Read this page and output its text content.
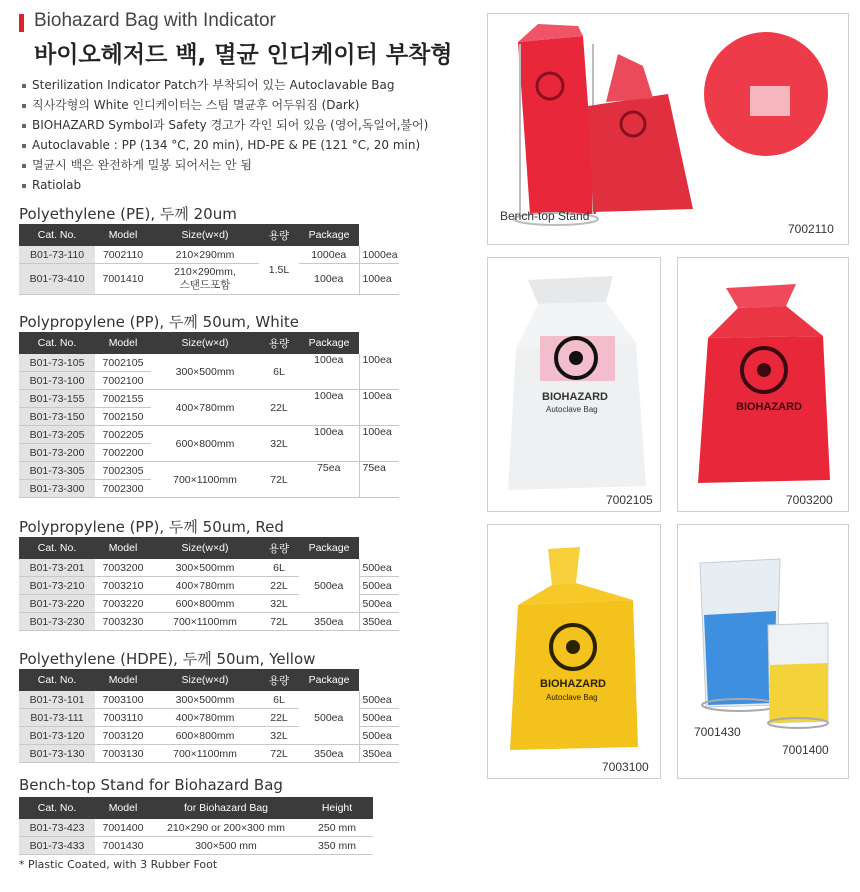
Biohazard Bag with Indicator
바이오헤저드 백, 멸균 인디케이터 부착형
Sterilization Indicator Patch가 부착되어 있는 Autoclavable Bag
직사각형의 White 인디케이터는 스팀 멸균후 어두워짐 (Dark)
BIOHAZARD Symbol과 Safety 경고가 각인 되어 있음 (영어,독일어,불어)
Autoclavable : PP (134 °C, 20 min), HD-PE & PE (121 °C, 20 min)
멸균시 백은 완전하게 밀봉 되어서는 안 됨
Ratiolab
Polyethylene (PE), 두께 20um
Cat. No.	Model	Size(w×d)	용량	Package	
B01-73-110	7002110	210×290mm	1.5L	1000ea	1000ea
B01-73-410	7001410	210×290mm,
스탠드포함		100ea	100ea
Polypropylene (PP), 두께 50um, White
Cat. No.	Model	Size(w×d)	용량	Package	
B01-73-105	7002105	300×500mm	6L	100ea	100ea
B01-73-100	7002100				
B01-73-155	7002155	400×780mm	22L	100ea	100ea
B01-73-150	7002150				
B01-73-205	7002205	600×800mm	32L	100ea	100ea
B01-73-200	7002200				
B01-73-305	7002305	700×1100mm	72L	75ea	75ea
B01-73-300	7002300				
Polypropylene (PP), 두께 50um, Red
Cat. No.	Model	Size(w×d)	용량	Package	
B01-73-201	7003200	300×500mm	6L	500ea	500ea
B01-73-210	7003210	400×780mm	22L		500ea
B01-73-220	7003220	600×800mm	32L		500ea
B01-73-230	7003230	700×1100mm	72L	350ea	350ea
Polyethylene (HDPE), 두께 50um, Yellow
Cat. No.	Model	Size(w×d)	용량	Package	
B01-73-101	7003100	300×500mm	6L	500ea	500ea
B01-73-111	7003110	400×780mm	22L		500ea
B01-73-120	7003120	600×800mm	32L		500ea
B01-73-130	7003130	700×1100mm	72L	350ea	350ea
Bench-top Stand for Biohazard Bag
Cat. No.	Model	for Biohazard Bag	Height
B01-73-423	7001400	210×290 or 200×300 mm	250 mm
B01-73-433	7001430	300×500 mm	350 mm
* Plastic Coated, with 3 Rubber Foot
Bench-top Stand
7002110
BIOHAZARD
Autoclave Bag
7002105
BIOHAZARD
7003200
BIOHAZARD
Autoclave Bag
7003100
7001430
7001400
